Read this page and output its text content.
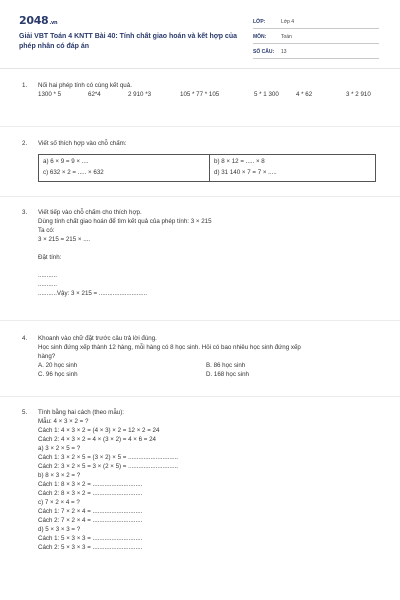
2048.vn
Giải VBT Toán 4 KNTT Bài 40: Tính chất giao hoán và kết hợp của phép nhân có đáp án
LỚP:	Lớp 4
MÔN:	Toán
SỐ CÂU:	13
1. Nối hai phép tính có cùng kết quả.
1300 * 5	62*4	2 910 *3	105 * 77 * 105	5 * 1 300	4 * 62	3 * 2 910
2. Viết số thích hợp vào chỗ chấm:
a) 6 × 9 = 9 × ....	b) 8 × 12 = ..... × 8
c) 632 × 2 = ..... × 632	d) 31 140 × 7 = 7 × .....
3. Viết tiếp vào chỗ chấm cho thích hợp.
Dùng tính chất giao hoán để tìm kết quả của phép tính: 3 × 215
Ta có:
3 × 215 = 215 × ....
Đặt tính:
...........
...........
...........Vậy: 3 × 215 = ............................
4. Khoanh vào chữ đặt trước câu trả lời đúng.
Học sinh đứng xếp thành 12 hàng, mỗi hàng có 8 học sinh. Hỏi có bao nhiêu học sinh đứng xếp
hàng?
A. 20 học sinh	B. 86 học sinh
C. 96 học sinh	D. 168 học sinh
5. Tính bằng hai cách (theo mẫu):
Mẫu: 4 × 3 × 2 = ?
Cách 1: 4 × 3 × 2 = (4 × 3) × 2 = 12 × 2 = 24
Cách 2: 4 × 3 × 2 = 4 × (3 × 2) = 4 × 6 = 24
a) 3 × 2 × 5 = ?
Cách 1: 3 × 2 × 5 = (3 × 2) × 5 = .............................
Cách 2: 3 × 2 × 5 = 3 × (2 × 5) = .............................
b) 8 × 3 × 2 = ?
Cách 1: 8 × 3 × 2 = .............................
Cách 2: 8 × 3 × 2 = .............................
c) 7 × 2 × 4 = ?
Cách 1: 7 × 2 × 4 = .............................
Cách 2: 7 × 2 × 4 = .............................
d) 5 × 3 × 3 = ?
Cách 1: 5 × 3 × 3 = .............................
Cách 2: 5 × 3 × 3 = .............................
